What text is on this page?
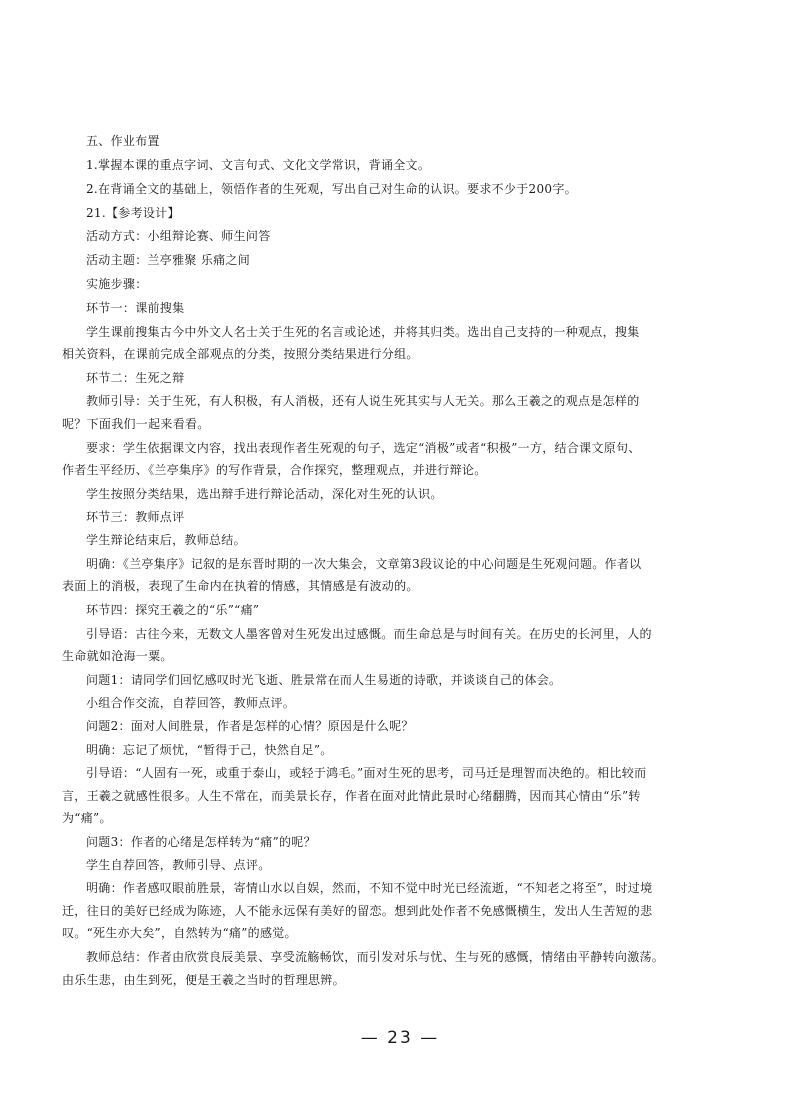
五、作业布置
1.掌握本课的重点字词、文言句式、文化文学常识，背诵全文。
2.在背诵全文的基础上，领悟作者的生死观，写出自己对生命的认识。要求不少于200字。
21.【参考设计】
活动方式：小组辩论赛、师生问答
活动主题：兰亭雅聚 乐痛之间
实施步骤：
环节一：课前搜集
学生课前搜集古今中外文人名士关于生死的名言或论述，并将其归类。选出自己支持的一种观点，搜集
相关资料，在课前完成全部观点的分类，按照分类结果进行分组。
环节二：生死之辩
教师引导：关于生死，有人积极，有人消极，还有人说生死其实与人无关。那么王羲之的观点是怎样的
呢？下面我们一起来看看。
要求：学生依据课文内容，找出表现作者生死观的句子，选定“消极”或者“积极”一方，结合课文原句、
作者生平经历、《兰亭集序》的写作背景，合作探究，整理观点，并进行辩论。
学生按照分类结果，选出辩手进行辩论活动，深化对生死的认识。
环节三：教师点评
学生辩论结束后，教师总结。
明确：《兰亭集序》记叙的是东晋时期的一次大集会，文章第3段议论的中心问题是生死观问题。作者以
表面上的消极，表现了生命内在执着的情感，其情感是有波动的。
环节四：探究王羲之的“乐”“痛”
引导语：古往今来，无数文人墨客曾对生死发出过感慨。而生命总是与时间有关。在历史的长河里，人的
生命就如沧海一粟。
问题1：请同学们回忆感叹时光飞逝、胜景常在而人生易逝的诗歌，并谈谈自己的体会。
小组合作交流，自荐回答，教师点评。
问题2：面对人间胜景，作者是怎样的心情？原因是什么呢？
明确：忘记了烦忧，“暂得于己，快然自足”。
引导语：“人固有一死，或重于泰山，或轻于鸿毛。”面对生死的思考，司马迁是理智而决绝的。相比较而
言，王羲之就感性很多。人生不常在，而美景长存，作者在面对此情此景时心绪翻腾，因而其心情由“乐”转
为“痛”。
问题3：作者的心绪是怎样转为“痛”的呢？
学生自荐回答，教师引导、点评。
明确：作者感叹眼前胜景，寄情山水以自娱，然而，不知不觉中时光已经流逝，“不知老之将至”，时过境
迁，往日的美好已经成为陈迹，人不能永远保有美好的留恋。想到此处作者不免感慨横生，发出人生苦短的悲
叹。“死生亦大矣”，自然转为“痛”的感觉。
教师总结：作者由欣赏良辰美景、享受流觞畅饮，而引发对乐与忧、生与死的感慨，情绪由平静转向激荡。
由乐生悲，由生到死，便是王羲之当时的哲理思辨。
— 23 —
